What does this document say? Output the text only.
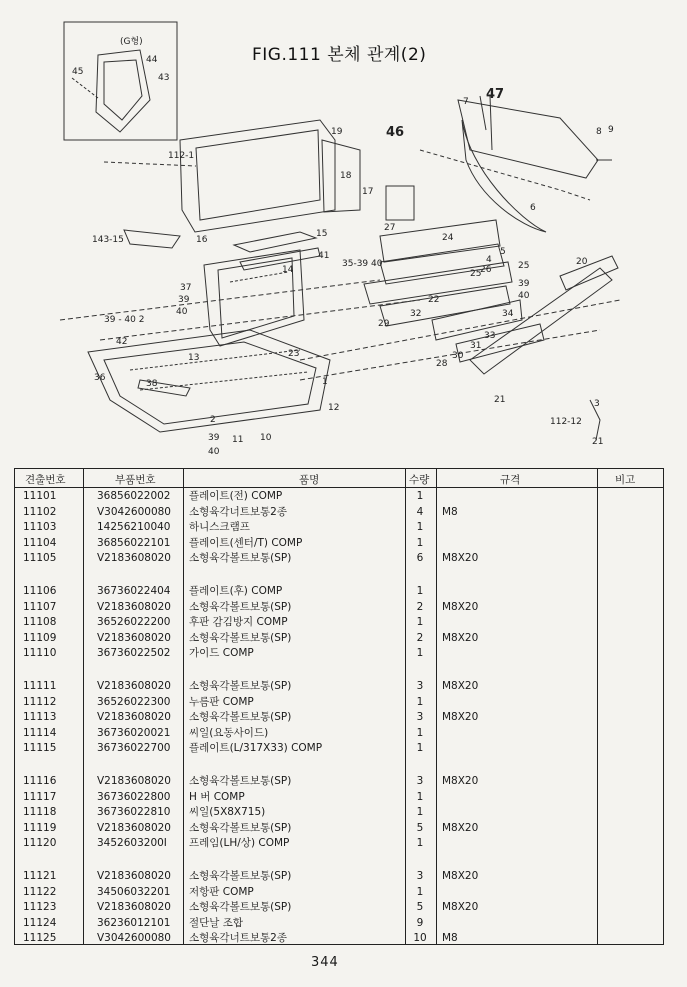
FIG.111 본체 관계(2)
(G형)
44
45
43
47
46
7
8 9
19
18
17
112-1
6
15
16
143-15
14
41
27
24
4
25
35-39 40
5
26	25	20
39
40
37
39
40	32
22
34
33
31
30
28
29
39 - 40 2
42
13	23
36
38	1
12
2
39
40
11 10
21
112-12
21
3
견출번호	부품번호	품명	수량	규격	비고
11101	36856022002 플레이트(전) COMP	1
11102	V3042600080 소형육각너트보통2종	4	M8
11103	14256210040 하니스크램프	1
11104	36856022101 플레이트(센터/T) COMP	1
11105	V2183608020 소형육각볼트보통(SP)	6	M8X20
11106	36736022404 플레이트(후) COMP	1
11107	V2183608020 소형육각볼트보통(SP)	2	M8X20
11108	36526022200 후판 감김방지 COMP	1
11109	V2183608020 소형육각볼트보통(SP)	2	M8X20
11110	36736022502 가이드 COMP	1
11111	V2183608020 소형육각볼트보통(SP)	3	M8X20
11112	36526022300 누름판 COMP	1
11113	V2183608020 소형육각볼트보통(SP)	3	M8X20
11114	36736020021 씨일(요동사이드)	1
11115	36736022700 플레이트(L/317X33) COMP	1
11116	V2183608020 소형육각볼트보통(SP)	3	M8X20
11117	36736022800 H 버 COMP	1
11118	36736022810 씨일(5X8X715)	1
11119	V2183608020 소형육각볼트보통(SP)	5	M8X20
11120	3452603200I 프레임(LH/상) COMP	1
11121	V2183608020 소형육각볼트보통(SP)	3	M8X20
11122	34506032201 저항판 COMP	1
11123	V2183608020 소형육각볼트보통(SP)	5	M8X20
11124	36236012101 절단날 조합	9
11125	V3042600080 소형육각너트보통2종	10	M8
344
